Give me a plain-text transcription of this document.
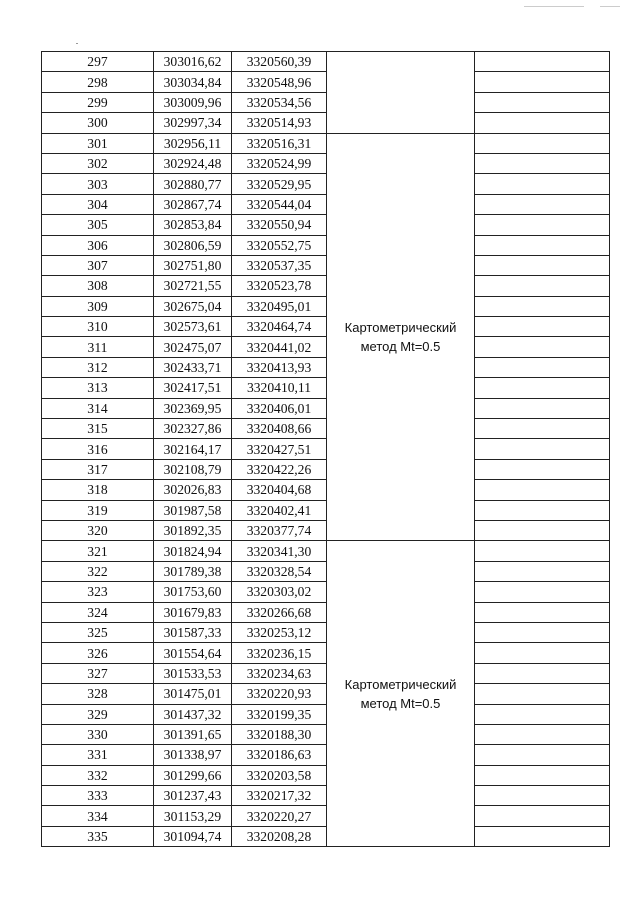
297	303016,62	3320560,39			
298	303034,84	3320548,96		
299	303009,96	3320534,56		
300	302997,34	3320514,93		
301	302956,11	3320516,31	Картометрический метод Mt=0.5		
302	302924,48	3320524,99		
303	302880,77	3320529,95		
304	302867,74	3320544,04		
305	302853,84	3320550,94		
306	302806,59	3320552,75		
307	302751,80	3320537,35		
308	302721,55	3320523,78		
309	302675,04	3320495,01		
310	302573,61	3320464,74		
311	302475,07	3320441,02		
312	302433,71	3320413,93		
313	302417,51	3320410,11		
314	302369,95	3320406,01		
315	302327,86	3320408,66		
316	302164,17	3320427,51		
317	302108,79	3320422,26		
318	302026,83	3320404,68		
319	301987,58	3320402,41		
320	301892,35	3320377,74		
321	301824,94	3320341,30	Картометрический метод Mt=0.5		
322	301789,38	3320328,54		
323	301753,60	3320303,02		
324	301679,83	3320266,68		
325	301587,33	3320253,12		
326	301554,64	3320236,15		
327	301533,53	3320234,63		
328	301475,01	3320220,93		
329	301437,32	3320199,35		
330	301391,65	3320188,30		
331	301338,97	3320186,63		
332	301299,66	3320203,58		
333	301237,43	3320217,32		
334	301153,29	3320220,27		
335	301094,74	3320208,28		
